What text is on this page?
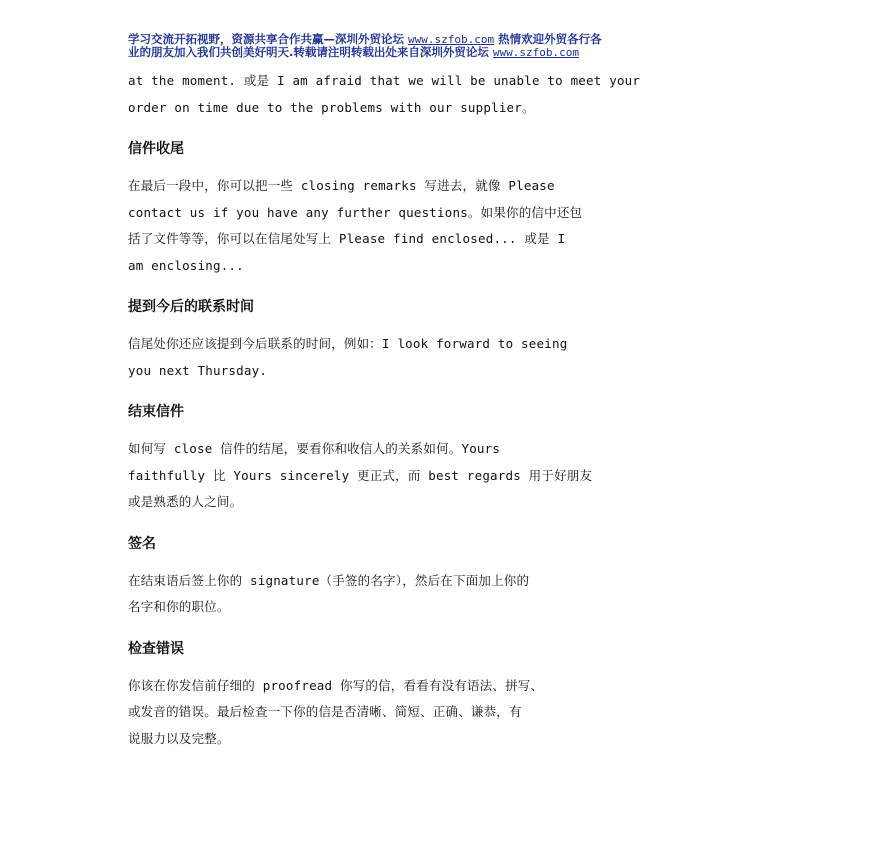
学习交流开拓视野，资源共享合作共赢—深圳外贸论坛 www.szfob.com 热情欢迎外贸各行各
业的朋友加入我们共创美好明天.转载请注明转载出处来自深圳外贸论坛 www.szfob.com

at the moment. 或是 I am afraid that we will be unable to meet your

order on time due to the problems with our supplier。

信件收尾

在最后一段中，你可以把一些 closing remarks 写进去，就像 Please

contact us if you have any further questions。如果你的信中还包

括了文件等等，你可以在信尾处写上 Please find enclosed... 或是 I

am enclosing...

提到今后的联系时间

信尾处你还应该提到今后联系的时间，例如：I look forward to seeing

you next Thursday.

结束信件

如何写 close 信件的结尾，要看你和收信人的关系如何。Yours

faithfully 比 Yours sincerely 更正式，而 best regards 用于好朋友

或是熟悉的人之间。

签名

在结束语后签上你的 signature（手签的名字），然后在下面加上你的

名字和你的职位。

检查错误

你该在你发信前仔细的 proofread 你写的信，看看有没有语法、拼写、

或发音的错误。最后检查一下你的信是否清晰、简短、正确、谦恭，有

说服力以及完整。
